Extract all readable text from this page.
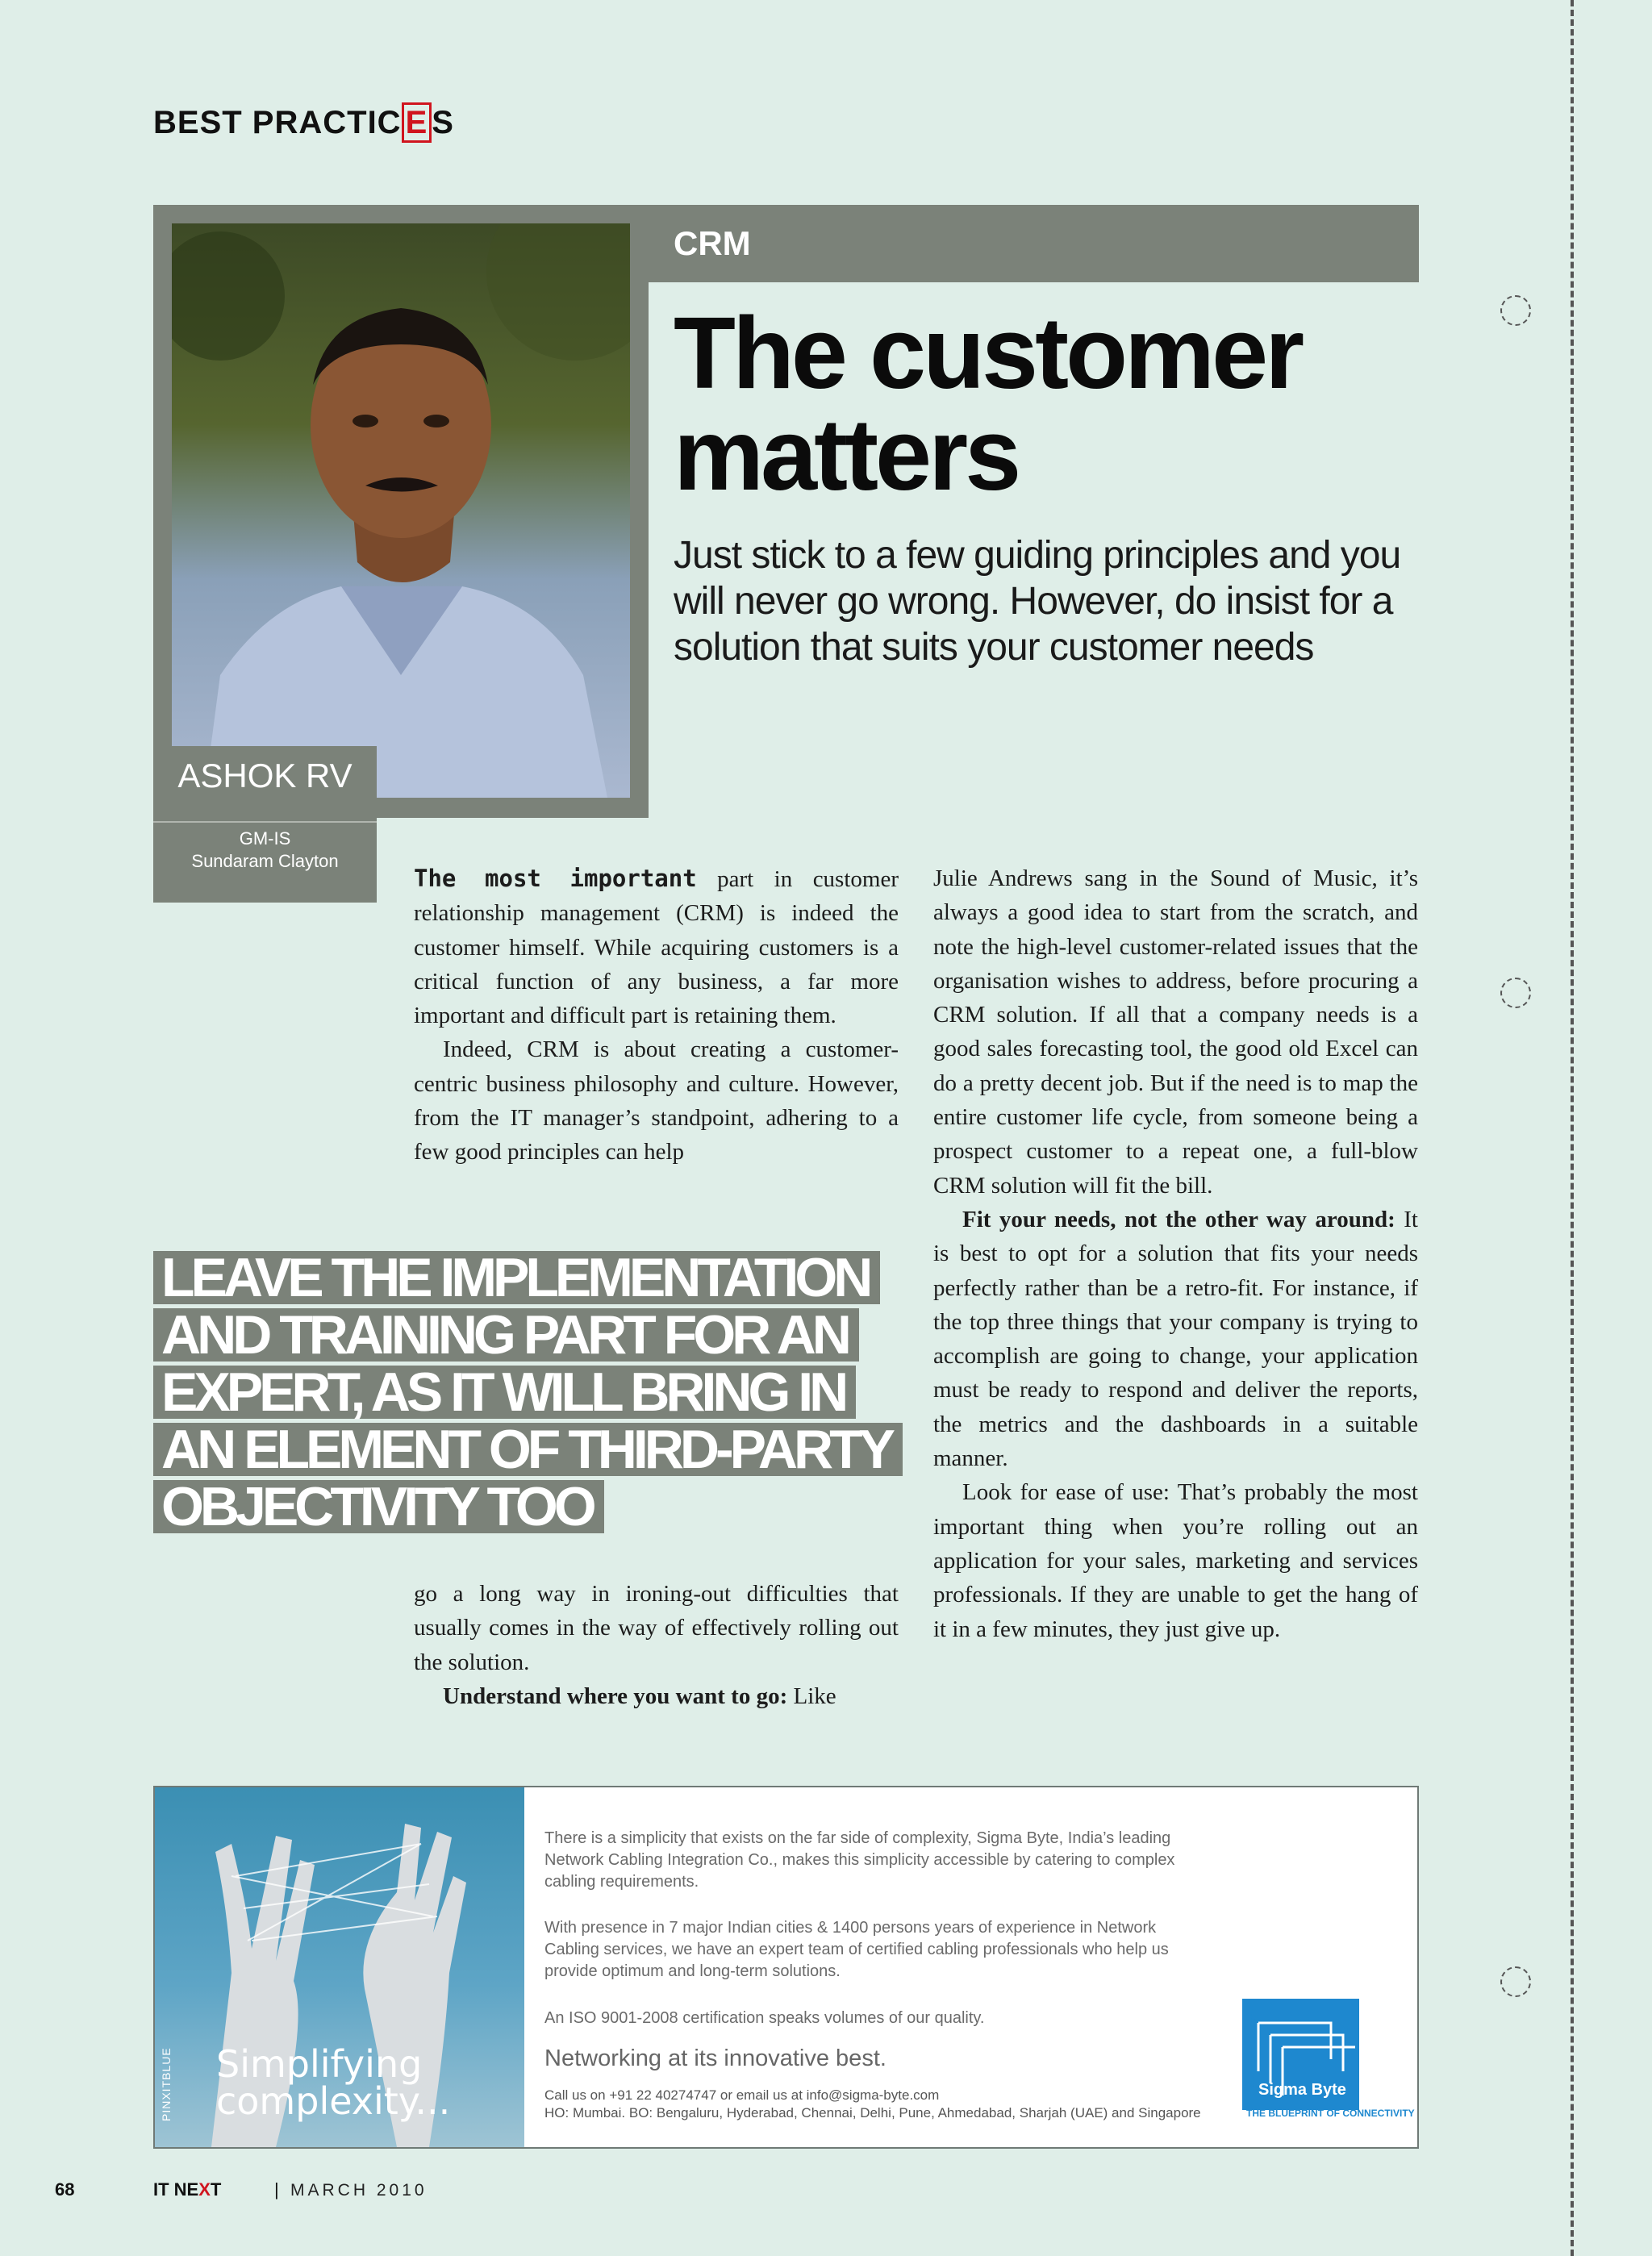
BEST PRACTIC E S
CRM
The customer
matters
Just stick to a few guiding principles and you will never go wrong. However, do insist for a solution that suits your customer needs
ASHOK RV
GM-IS
Sundaram Clayton

The most important part in customer relationship management (CRM) is indeed the customer himself. While acquiring customers is a critical function of any business, a far more important and difficult part is retaining them.

Indeed, CRM is about creating a customer-centric business philosophy and culture. However, from the IT manager’s standpoint, adhering to a few good principles can help

LEAVE THE IMPLEMENTATION
AND TRAINING PART FOR AN
EXPERT, AS IT WILL BRING IN
AN ELEMENT OF THIRD-PARTY
OBJECTIVITY TOO

go a long way in ironing-out difficulties that usually comes in the way of effectively rolling out the solution.

Understand where you want to go: Like

Julie Andrews sang in the Sound of Music, it’s always a good idea to start from the scratch, and note the high-level customer-related issues that the organisation wishes to address, before procuring a CRM solution. If all that a company needs is a good sales forecasting tool, the good old Excel can do a pretty decent job. But if the need is to map the entire customer life cycle, from someone being a prospect customer to a repeat one, a full-blow CRM solution will fit the bill.

Fit your needs, not the other way around: It is best to opt for a solution that fits your needs perfectly rather than be a retro-fit. For instance, if the top three things that your company is trying to accomplish are going to change, your application must be ready to respond and deliver the reports, the metrics and the dashboards in a suitable manner.

Look for ease of use: That’s probably the most important thing when you’re rolling out an application for your sales, marketing and services professionals. If they are unable to get the hang of it in a few minutes, they just give up.

Simplifying
complexity...
PINXITBLUE
There is a simplicity that exists on the far side of complexity, Sigma Byte, India’s leading Network Cabling Integration Co., makes this simplicity accessible by catering to complex cabling requirements.
With presence in 7 major Indian cities & 1400 persons years of experience in Network Cabling services, we have an expert team of certified cabling professionals who help us provide optimum and long-term solutions.
An ISO 9001-2008 certification speaks volumes of our quality.
Networking at its innovative best.
Call us on +91 22 40274747 or email us at info@sigma-byte.com
HO: Mumbai. BO: Bengaluru, Hyderabad, Chennai, Delhi, Pune, Ahmedabad, Sharjah (UAE) and Singapore
Sigma Byte
THE BLUEPRINT OF CONNECTIVITY
www.sigma-byte.com
68	IT NEXT	| MARCH 2010
